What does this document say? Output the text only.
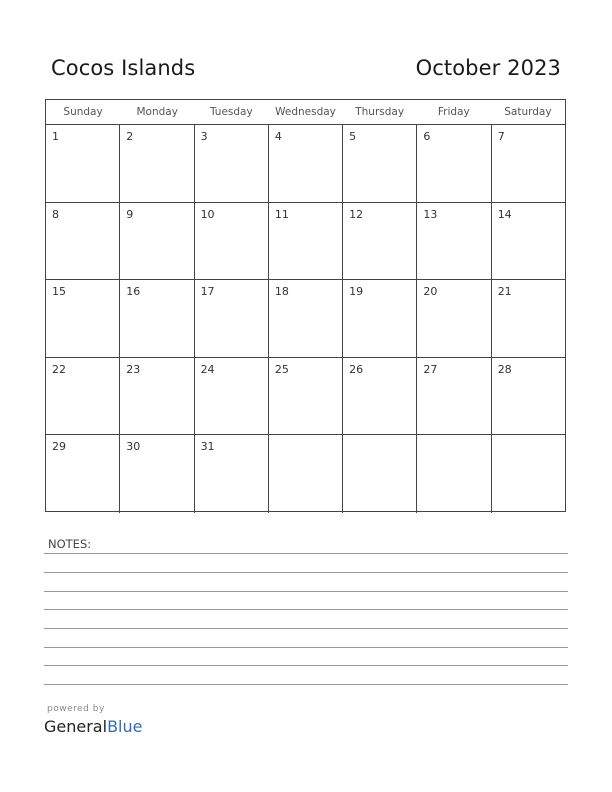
Cocos Islands	October 2023
Sunday	Monday	Tuesday	Wednesday	Thursday	Friday	Saturday
1	2	3	4	5	6	7
8	9	10	11	12	13	14
15	16	17	18	19	20	21
22	23	24	25	26	27	28
29	30	31
NOTES:
powered by
GeneralBlue
